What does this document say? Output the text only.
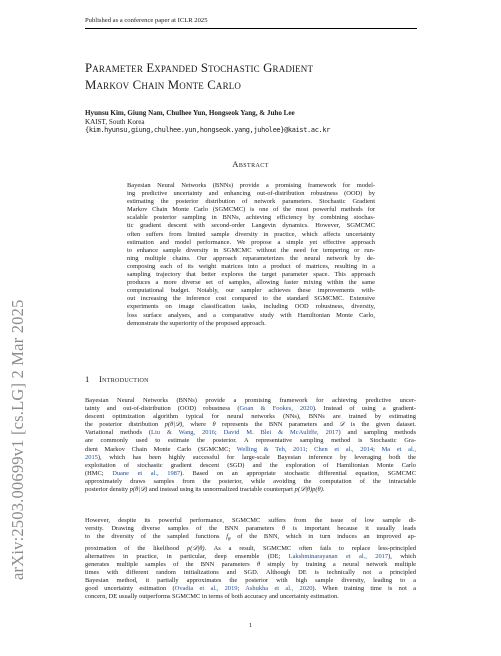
Published as a conference paper at ICLR 2025
arXiv:2503.00699v1 [cs.LG] 2 Mar 2025
Parameter Expanded Stochastic Gradient
Markov Chain Monte Carlo
Hyunsu Kim, Giung Nam, Chulhee Yun, Hongseok Yang, & Juho Lee
KAIST, South Korea
{kim.hyunsu,giung,chulhee.yun,hongseok.yang,juholee}@kaist.ac.kr
Abstract
Bayesian Neural Networks (BNNs) provide a promising framework for model-
ing predictive uncertainty and enhancing out-of-distribution robustness (OOD) by
estimating the posterior distribution of network parameters. Stochastic Gradient
Markov Chain Monte Carlo (SGMCMC) is one of the most powerful methods for
scalable posterior sampling in BNNs, achieving efficiency by combining stochas-
tic gradient descent with second-order Langevin dynamics. However, SGMCMC
often suffers from limited sample diversity in practice, which affects uncertainty
estimation and model performance. We propose a simple yet effective approach
to enhance sample diversity in SGMCMC without the need for tempering or run-
ning multiple chains. Our approach reparameterizes the neural network by de-
composing each of its weight matrices into a product of matrices, resulting in a
sampling trajectory that better explores the target parameter space. This approach
produces a more diverse set of samples, allowing faster mixing within the same
computational budget. Notably, our sampler achieves these improvements with-
out increasing the inference cost compared to the standard SGMCMC. Extensive
experiments on image classification tasks, including OOD robustness, diversity,
loss surface analyses, and a comparative study with Hamiltonian Monte Carlo,
demonstrate the superiority of the proposed approach.
1 Introduction
Bayesian Neural Networks (BNNs) provide a promising framework for achieving predictive uncer-
tainty and out-of-distribution (OOD) robustness (Goan & Fookes, 2020). Instead of using a gradient-
descent optimization algorithm typical for neural networks (NNs), BNNs are trained by estimating
the posterior distribution p(θ|𝒟), where θ represents the BNN parameters and 𝒟 is the given dataset.
Variational methods (Liu & Wang, 2016; David M. Blei & McAuliffe, 2017) and sampling methods
are commonly used to estimate the posterior. A representative sampling method is Stochastic Gra-
dient Markov Chain Monte Carlo (SGMCMC; Welling & Teh, 2011; Chen et al., 2014; Ma et al.,
2015), which has been highly successful for large-scale Bayesian inference by leveraging both the
exploitation of stochastic gradient descent (SGD) and the exploration of Hamiltonian Monte Carlo
(HMC; Duane et al., 1987). Based on an appropriate stochastic differential equation, SGMCMC
approximately draws samples from the posterior, while avoiding the computation of the intractable
posterior density p(θ|𝒟) and instead using its unnormalized tractable counterpart p(𝒟|θ)p(θ).
However, despite its powerful performance, SGMCMC suffers from the issue of low sample di-
versity. Drawing diverse samples of the BNN parameters θ is important because it usually leads
to the diversity of the sampled functions $f_\theta$ of the BNN, which in turn induces an improved ap-
proximation of the likelihood p(𝒟|θ). As a result, SGMCMC often fails to replace less-principled
alternatives in practice, in particular, deep ensemble (DE; Lakshminarayanan et al., 2017), which
generates multiple samples of the BNN parameters θ simply by training a neural network multiple
times with different random initializations and SGD. Although DE is technically not a principled
Bayesian method, it partially approximates the posterior with high sample diversity, leading to a
good uncertainty estimation (Ovadia et al., 2019; Ashukha et al., 2020). When training time is not a
concern, DE usually outperforms SGMCMC in terms of both accuracy and uncertainty estimation.
1
